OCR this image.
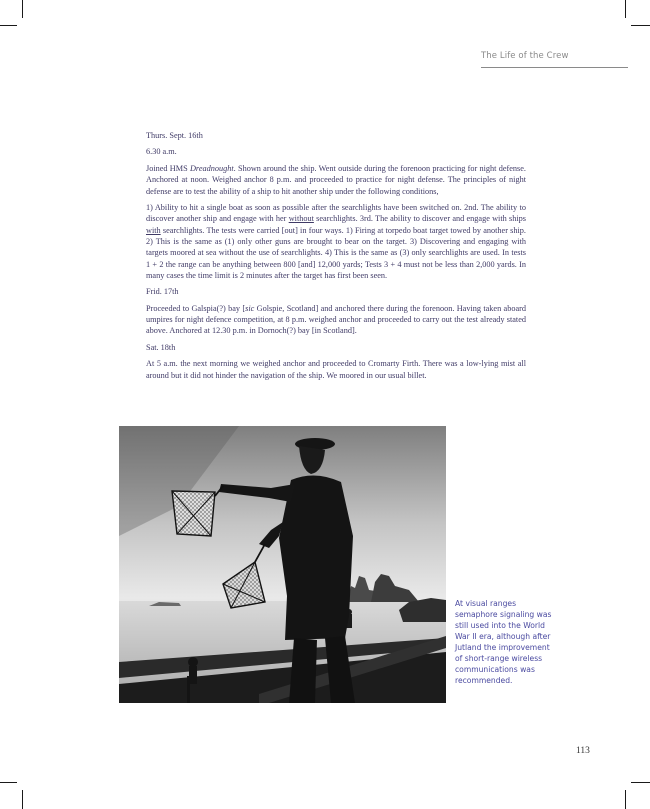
The Life of the Crew

Thurs. Sept. 16th

6.30 a.m.

Joined HMS Dreadnought. Shown around the ship. Went outside during the forenoon practicing for night defense. Anchored at noon. Weighed anchor 8 p.m. and proceeded to practice for night defense. The principles of night defense are to test the ability of a ship to hit another ship under the following conditions,

1) Ability to hit a single boat as soon as possible after the searchlights have been switched on. 2nd. The ability to discover another ship and engage with her without searchlights. 3rd. The ability to discover and engage with ships with searchlights. The tests were carried [out] in four ways. 1) Firing at torpedo boat target towed by another ship. 2) This is the same as (1) only other guns are brought to bear on the target. 3) Discovering and engaging with targets moored at sea without the use of searchlights. 4) This is the same as (3) only searchlights are used. In tests 1 + 2 the range can be anything between 800 [and] 12,000 yards; Tests 3 + 4 must not be less than 2,000 yards. In many cases the time limit is 2 minutes after the target has first been seen.

Frid. 17th

Proceeded to Galspia(?) bay [sic Golspie, Scotland] and anchored there during the forenoon. Having taken aboard umpires for night defence competition, at 8 p.m. weighed anchor and proceeded to carry out the test already stated above. Anchored at 12.30 p.m. in Dornoch(?) bay [in Scotland].

Sat. 18th

At 5 a.m. the next morning we weighed anchor and proceeded to Cromarty Firth. There was a low-lying mist all around but it did not hinder the navigation of the ship. We moored in our usual billet.

At visual ranges semaphore signaling was still used into the World War II era, although after Jutland the improvement of short-range wireless communications was recommended.
113
